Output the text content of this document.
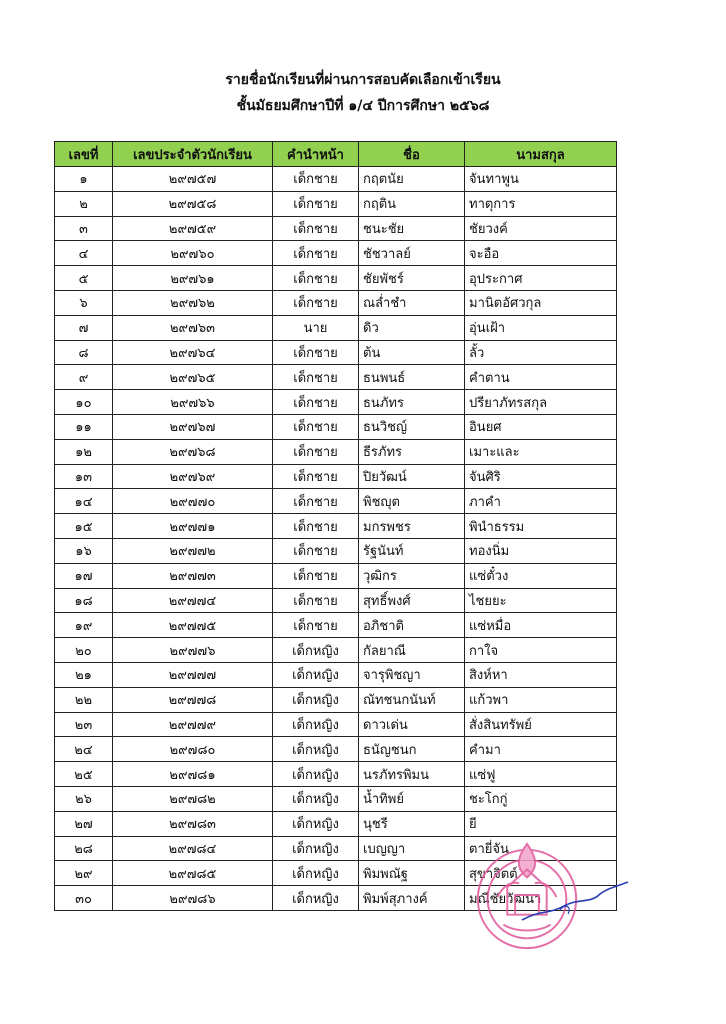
รายชื่อนักเรียนที่ผ่านการสอบคัดเลือกเข้าเรียน
ชั้นมัธยมศึกษาปีที่ ๑/๔ ปีการศึกษา ๒๕๖๘
เลขที่	เลขประจำตัวนักเรียน	คำนำหน้า	ชื่อ	นามสกุล
๑	๒๙๗๕๗	เด็กชาย	กฤตนัย	จันทาพูน
๒	๒๙๗๕๘	เด็กชาย	กฤติน	ทาตุการ
๓	๒๙๗๕๙	เด็กชาย	ชนะชัย	ชัยวงค์
๔	๒๙๗๖๐	เด็กชาย	ชัชวาลย์	จะอือ
๕	๒๙๗๖๑	เด็กชาย	ชัยพัชร์	อุประกาศ
๖	๒๙๗๖๒	เด็กชาย	ณล่ำชำ	มานิตอัศวกุล
๗	๒๙๗๖๓	นาย	ดิว	อุ่นเฝ้า
๘	๒๙๗๖๔	เด็กชาย	ต้น	ลั้ว
๙	๒๙๗๖๕	เด็กชาย	ธนพนธ์	คำตาน
๑๐	๒๙๗๖๖	เด็กชาย	ธนภัทร	ปรียาภัทรสกุล
๑๑	๒๙๗๖๗	เด็กชาย	ธนวิชญ์	อินยศ
๑๒	๒๙๗๖๘	เด็กชาย	ธีรภัทร	เมาะและ
๑๓	๒๙๗๖๙	เด็กชาย	ปิยวัฒน์	จันศิริ
๑๔	๒๙๗๗๐	เด็กชาย	พิชญุต	ภาคำ
๑๕	๒๙๗๗๑	เด็กชาย	มกรพชร	พินำธรรม
๑๖	๒๙๗๗๒	เด็กชาย	รัฐนันท์	ทองนิ่ม
๑๗	๒๙๗๗๓	เด็กชาย	วุฒิกร	แซ่ตั๋วง
๑๘	๒๙๗๗๔	เด็กชาย	สุทธิ์พงศ์	ไชยยะ
๑๙	๒๙๗๗๕	เด็กชาย	อภิชาติ	แซ่หมื่อ
๒๐	๒๙๗๗๖	เด็กหญิง	กัลยาณี	กาใจ
๒๑	๒๙๗๗๗	เด็กหญิง	จารุพิชญา	สิงห์หา
๒๒	๒๙๗๗๘	เด็กหญิง	ณัทชนกนันท์	แก้วพา
๒๓	๒๙๗๗๙	เด็กหญิง	ดาวเด่น	สั่งสินทรัพย์
๒๔	๒๙๗๘๐	เด็กหญิง	ธนัญชนก	คำมา
๒๕	๒๙๗๘๑	เด็กหญิง	นรภัทรพิมน	แซ่ฟู
๒๖	๒๙๗๘๒	เด็กหญิง	น้ำทิพย์	ชะโกกู่
๒๗	๒๙๗๘๓	เด็กหญิง	นุชรี	ยี
๒๘	๒๙๗๘๔	เด็กหญิง	เบญญา	ตายี่จัน
๒๙	๒๙๗๘๕	เด็กหญิง	พิมพณัฐ	สุขาจิตต์
๓๐	๒๙๗๘๖	เด็กหญิง	พิมพ์สุภางค์	มณีชัยวัฒนา
